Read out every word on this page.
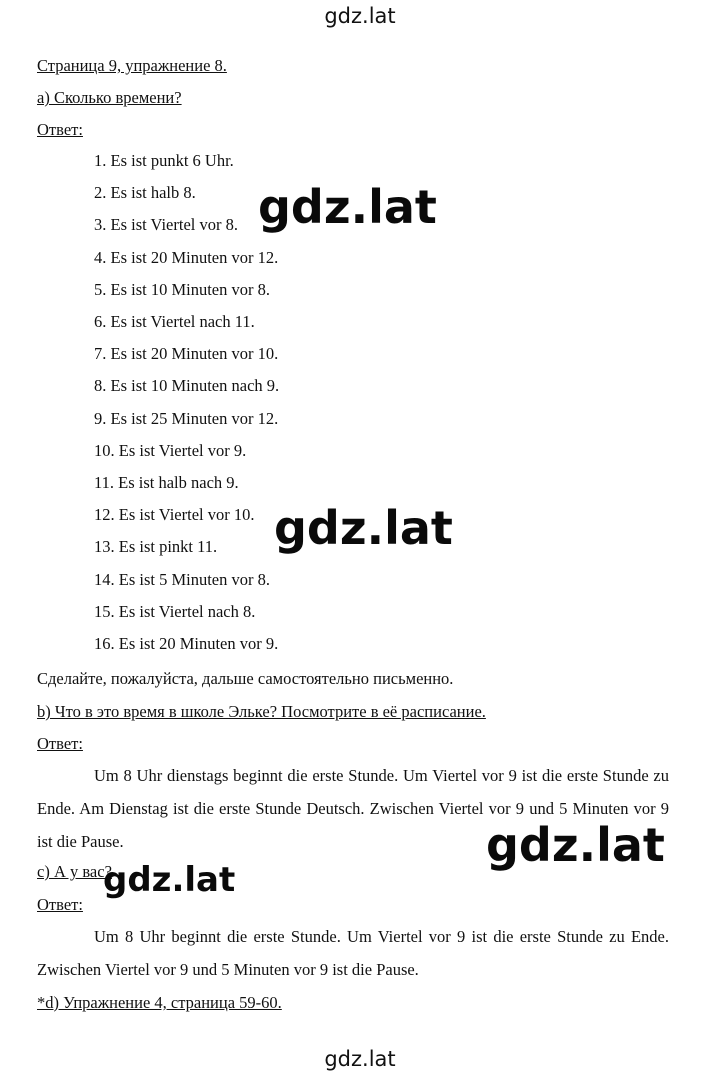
gdz.lat
Страница 9, упражнение 8.
а) Сколько времени?
Ответ:
1. Es ist punkt 6 Uhr.
2. Es ist halb 8.
3. Es ist Viertel vor 8.
4. Es ist 20 Minuten vor 12.
5. Es ist 10 Minuten vor 8.
6. Es ist Viertel nach 11.
7. Es ist 20 Minuten vor 10.
8. Es ist 10 Minuten nach 9.
9. Es ist 25 Minuten vor 12.
10. Es ist Viertel vor 9.
11. Es ist halb nach 9.
12. Es ist Viertel vor 10.
13. Es ist pinkt 11.
14. Es ist 5 Minuten vor 8.
15. Es ist Viertel nach 8.
16. Es ist 20 Minuten vor 9.
Сделайте, пожалуйста, дальше самостоятельно письменно.
b) Что в это время в школе Эльке? Посмотрите в её расписание.
Ответ:
Um 8 Uhr dienstags beginnt die erste Stunde. Um Viertel vor 9 ist die erste Stunde zu Ende. Am Dienstag ist die erste Stunde Deutsch. Zwischen Viertel vor 9 und 5 Minuten vor 9 ist die Pause.
c) А у вас?
Ответ:
Um 8 Uhr beginnt die erste Stunde. Um Viertel vor 9 ist die erste Stunde zu Ende. Zwischen Viertel vor 9 und 5 Minuten vor 9 ist die Pause.
*d) Упражнение 4, страница 59-60.
gdz.lat
gdz.lat
gdz.lat
gdz.lat
gdz.lat
